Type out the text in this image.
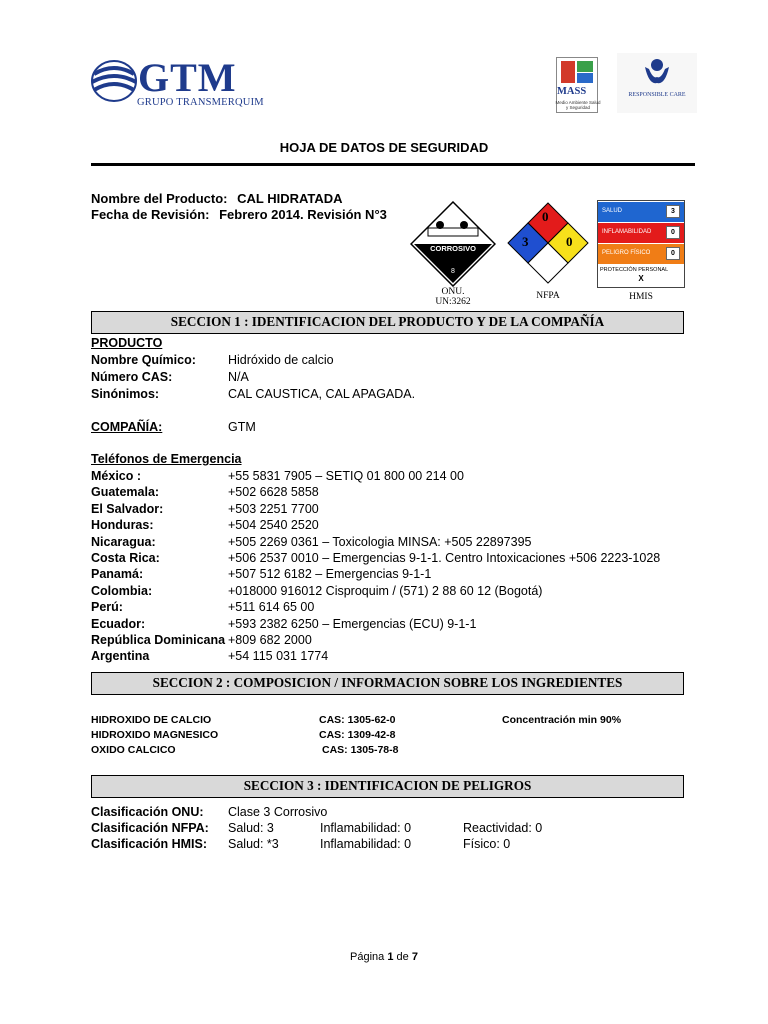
GTM
GRUPO TRANSMERQUIM
MASS
Medio Ambiente Salud y Seguridad
RESPONSIBLE CARE
HOJA DE DATOS DE SEGURIDAD
Nombre del Producto: CAL HIDRATADA
Fecha de Revisión: Febrero 2014. Revisión N°3
CORROSIVO
8
ONU.
UN:3262
0
3	0
NFPA
SALUD	3
INFLAMABILIDAD	0
PELIGRO FÍSICO	0
PROTECCIÓN PERSONAL
X
HMIS
SECCION 1 : IDENTIFICACION DEL PRODUCTO Y DE LA COMPAÑÍA
PRODUCTO
Nombre Químico:	Hidróxido de calcio
Número CAS:	N/A
Sinónimos:	CAL CAUSTICA, CAL APAGADA.
COMPAÑÍA:	GTM
Teléfonos de Emergencia
México :	+55 5831 7905 – SETIQ 01 800 00 214 00
Guatemala:	+502 6628 5858
El Salvador:	+503 2251 7700
Honduras:	+504 2540 2520
Nicaragua:	+505 2269 0361 – Toxicologia MINSA: +505 22897395
Costa Rica:	+506 2537 0010 – Emergencias 9-1-1. Centro Intoxicaciones +506 2223-1028
Panamá:	+507 512 6182 – Emergencias 9-1-1
Colombia:	+018000 916012 Cisproquim / (571) 2 88 60 12 (Bogotá)
Perú:	+511 614 65 00
Ecuador:	+593 2382 6250 – Emergencias (ECU) 9-1-1
República Dominicana +809 682 2000
Argentina	+54 115 031 1774
SECCION 2 : COMPOSICION / INFORMACION SOBRE LOS INGREDIENTES
HIDROXIDO DE CALCIO	CAS: 1305-62-0	Concentración min 90%
HIDROXIDO MAGNESICO	CAS: 1309-42-8
OXIDO CALCICO	CAS: 1305-78-8
SECCION 3 : IDENTIFICACION DE PELIGROS
Clasificación ONU: Clase 3 Corrosivo
Clasificación NFPA: Salud: 3	Inflamabilidad: 0	Reactividad: 0
Clasificación HMIS: Salud: *3	Inflamabilidad: 0	Físico: 0
Página 1 de 7
